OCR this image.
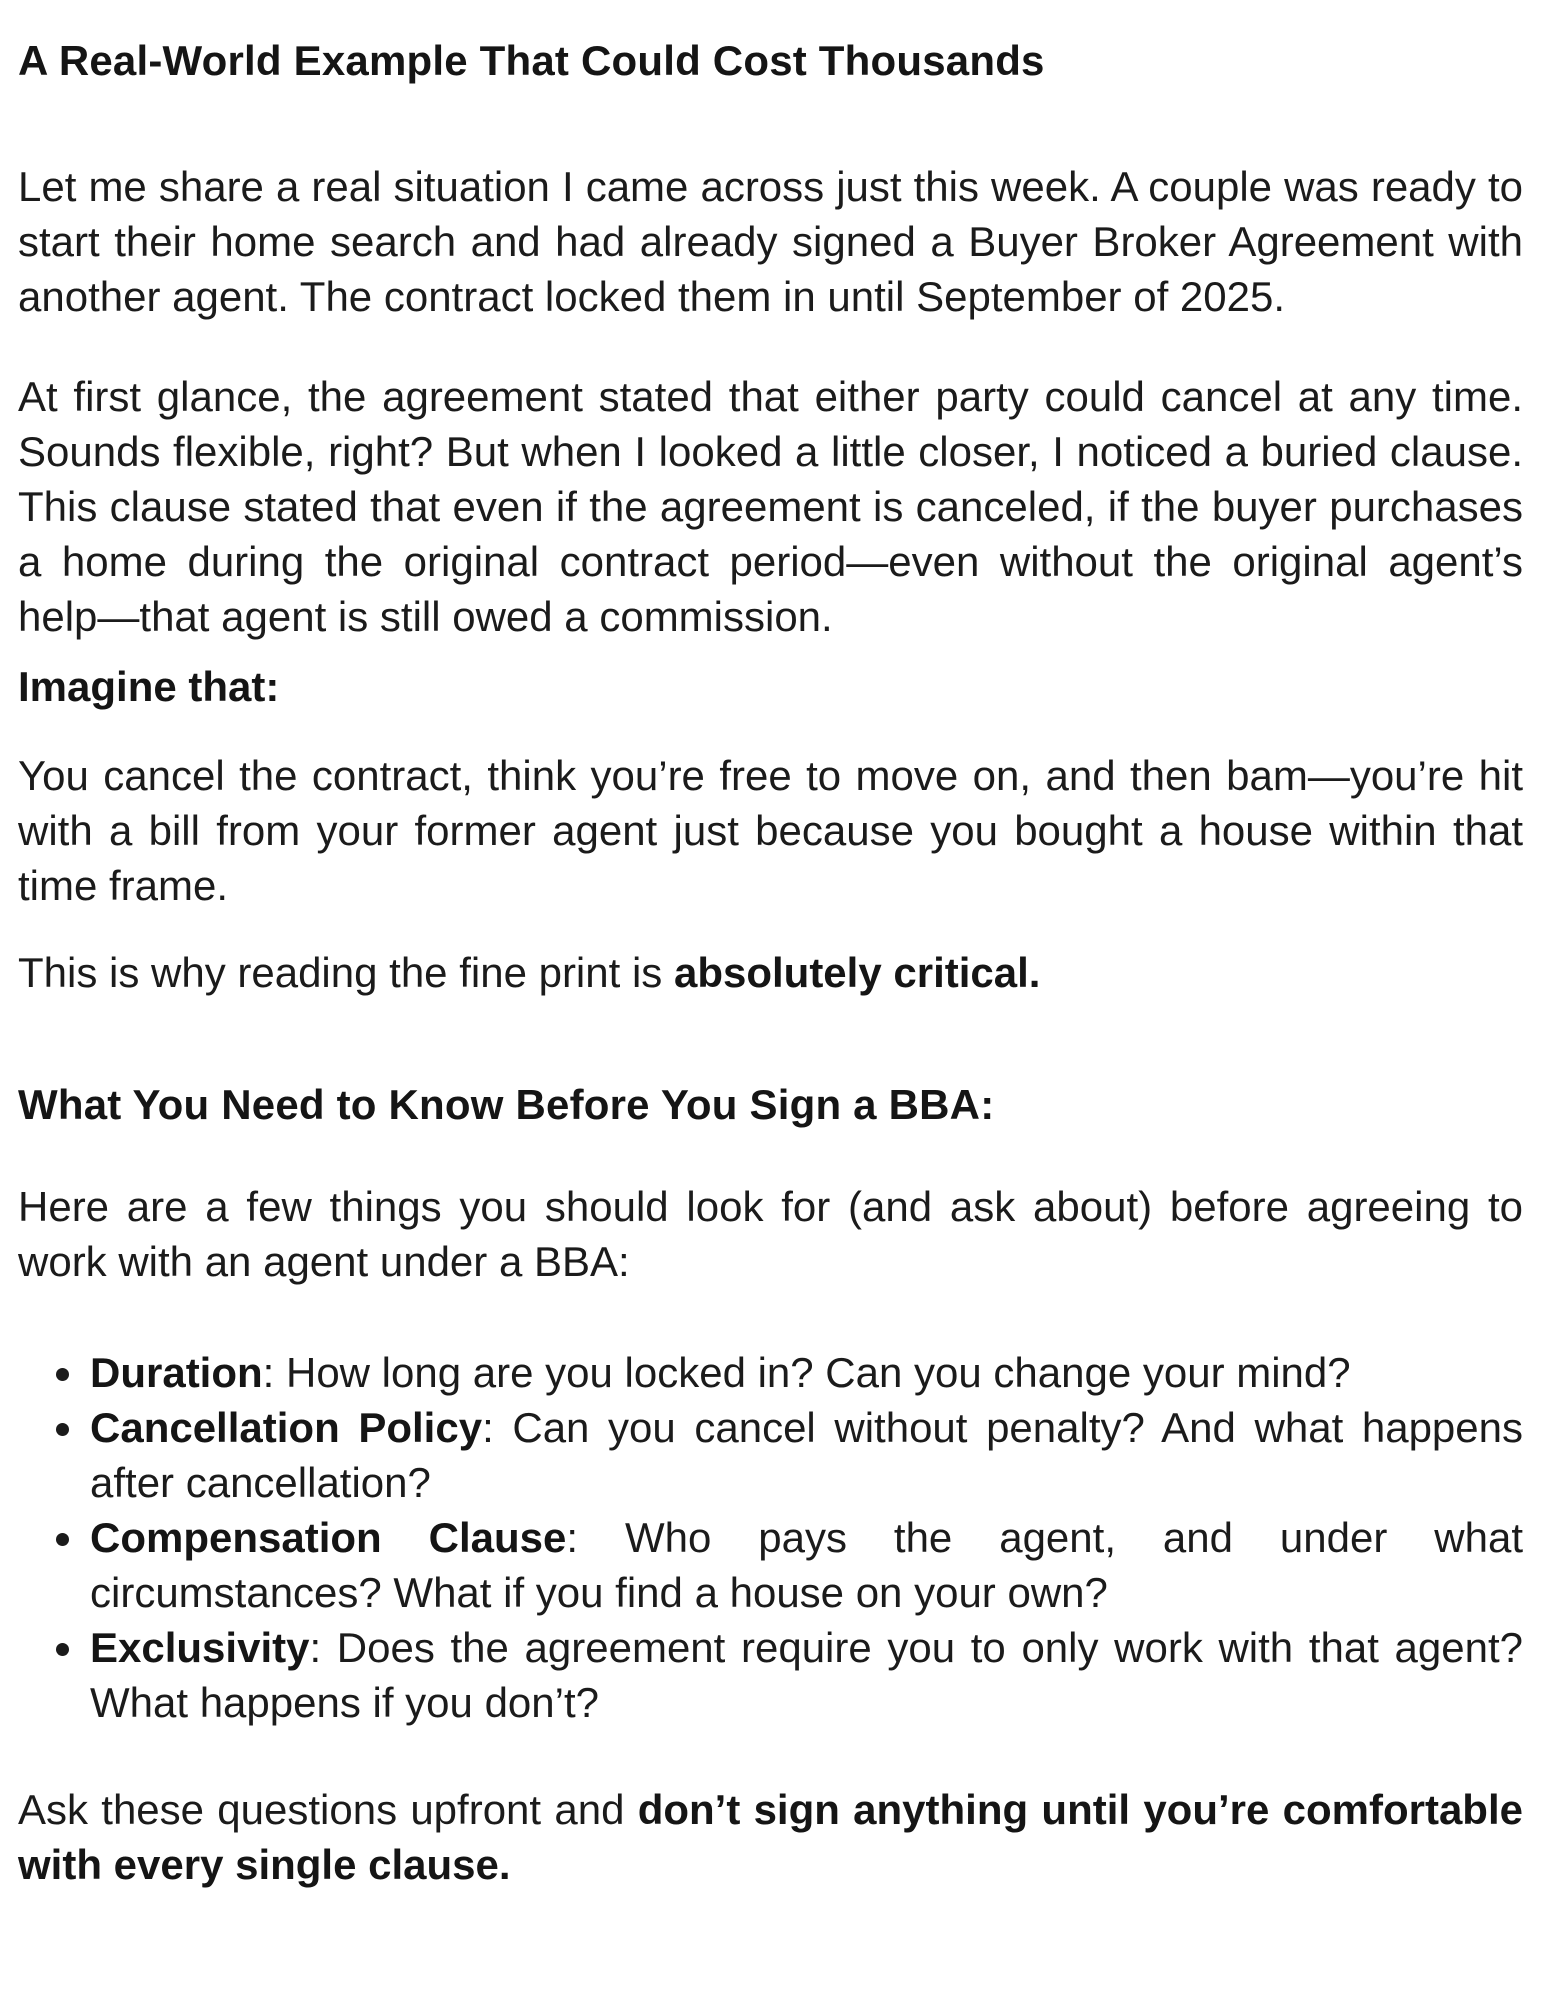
A Real-World Example That Could Cost Thousands

Let me share a real situation I came across just this week. A couple was ready to start their home search and had already signed a Buyer Broker Agreement with another agent. The contract locked them in until September of 2025.

At first glance, the agreement stated that either party could cancel at any time. Sounds flexible, right? But when I looked a little closer, I noticed a buried clause. This clause stated that even if the agreement is canceled, if the buyer purchases a home during the original contract period—even without the original agent’s help—that agent is still owed a commission.

Imagine that:

You cancel the contract, think you’re free to move on, and then bam—you’re hit with a bill from your former agent just because you bought a house within that time frame.

This is why reading the fine print is absolutely critical.

What You Need to Know Before You Sign a BBA:

Here are a few things you should look for (and ask about) before agreeing to work with an agent under a BBA:

• Duration: How long are you locked in? Can you change your mind?
• Cancellation Policy: Can you cancel without penalty? And what happens after cancellation?
• Compensation Clause: Who pays the agent, and under what circumstances? What if you find a house on your own?
• Exclusivity: Does the agreement require you to only work with that agent? What happens if you don’t?

Ask these questions upfront and don’t sign anything until you’re comfortable with every single clause.
